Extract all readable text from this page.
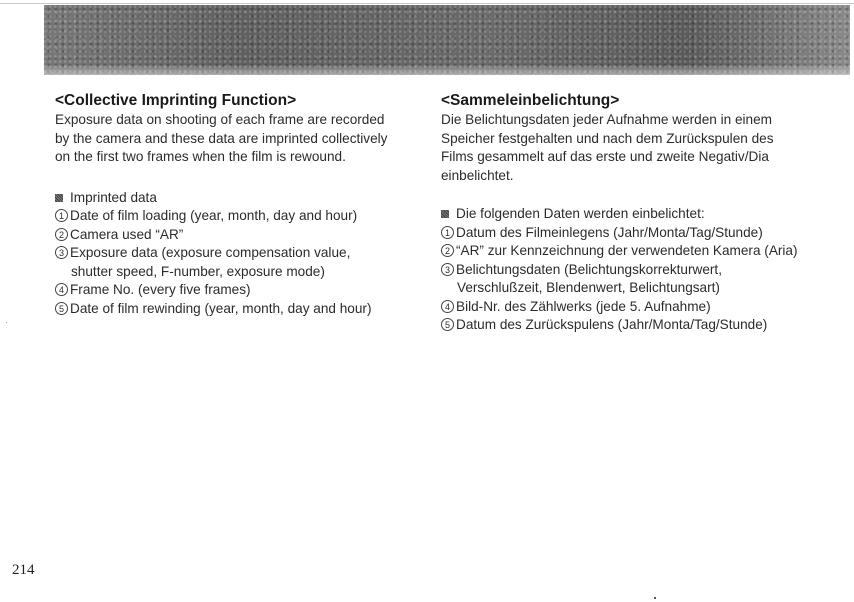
<Collective Imprinting Function>

Exposure data on shooting of each frame are recorded by the camera and these data are imprinted collectively on the first two frames when the film is rewound.

Imprinted data
1 Date of film loading (year, month, day and hour)
2 Camera used “AR”
3 Exposure data (exposure compensation value, shutter speed, F-number, exposure mode)
4 Frame No. (every five frames)
5 Date of film rewinding (year, month, day and hour)
<Sammeleinbelichtung>

Die Belichtungsdaten jeder Aufnahme werden in einem Speicher festgehalten und nach dem Zurückspulen des Films gesammelt auf das erste und zweite Negativ/Dia einbelichtet.

Die folgenden Daten werden einbelichtet:
1 Datum des Filmeinlegens (Jahr/Monta/Tag/Stunde)
2 “AR” zur Kennzeichnung der verwendeten Kamera (Aria)
3 Belichtungsdaten (Belichtungskorrekturwert, Verschlußzeit, Blendenwert, Belichtungsart)
4 Bild-Nr. des Zählwerks (jede 5. Aufnahme)
5 Datum des Zurückspulens (Jahr/Monta/Tag/Stunde)
214
